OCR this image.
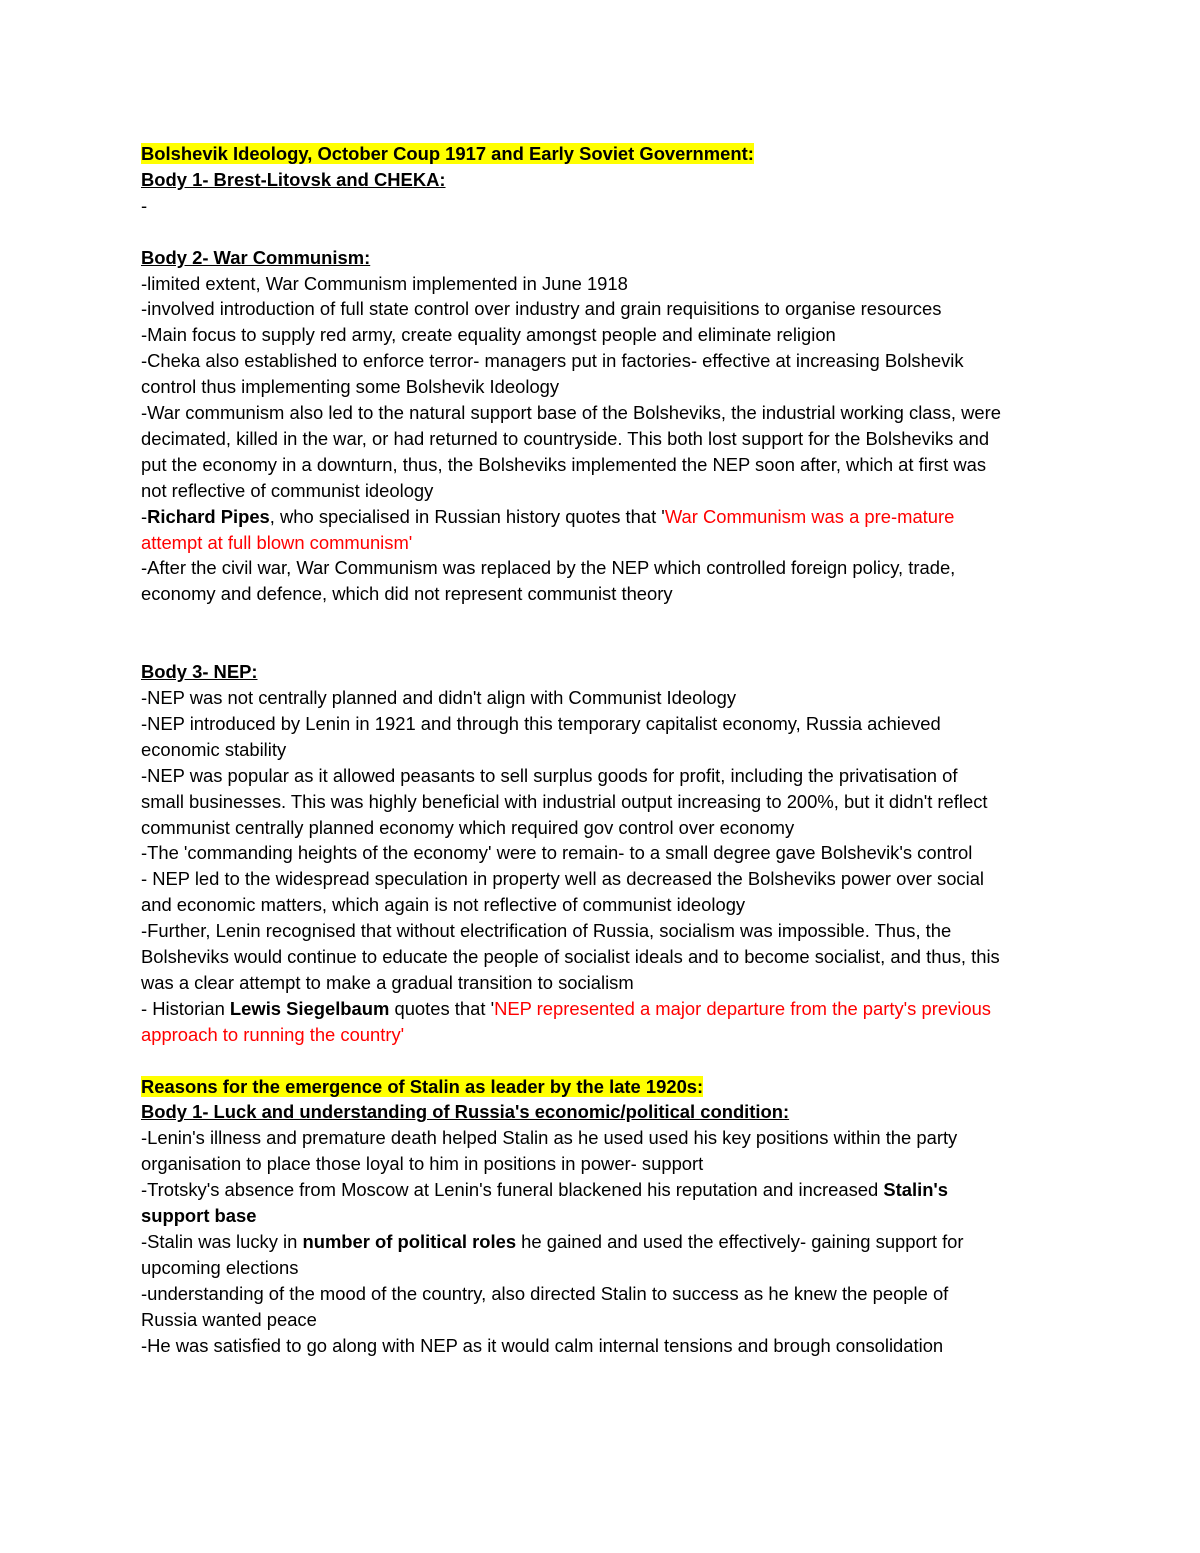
Bolshevik Ideology, October Coup 1917 and Early Soviet Government:
Body 1- Brest-Litovsk and CHEKA:
-
Body 2- War Communism:
-limited extent, War Communism implemented in June 1918
-involved introduction of full state control over industry and grain requisitions to organise resources
-Main focus to supply red army, create equality amongst people and eliminate religion
-Cheka also established to enforce terror- managers put in factories- effective at increasing Bolshevik
control thus implementing some Bolshevik Ideology
-War communism also led to the natural support base of the Bolsheviks, the industrial working class, were
decimated, killed in the war, or had returned to countryside. This both lost support for the Bolsheviks and
put the economy in a downturn, thus, the Bolsheviks implemented the NEP soon after, which at first was
not reflective of communist ideology
-Richard Pipes, who specialised in Russian history quotes that 'War Communism was a pre-mature
attempt at full blown communism'
-After the civil war, War Communism was replaced by the NEP which controlled foreign policy, trade,
economy and defence, which did not represent communist theory
Body 3- NEP:
-NEP was not centrally planned and didn't align with Communist Ideology
-NEP introduced by Lenin in 1921 and through this temporary capitalist economy, Russia achieved
economic stability
-NEP was popular as it allowed peasants to sell surplus goods for profit, including the privatisation of
small businesses. This was highly beneficial with industrial output increasing to 200%, but it didn't reflect
communist centrally planned economy which required gov control over economy
-The 'commanding heights of the economy' were to remain- to a small degree gave Bolshevik's control
- NEP led to the widespread speculation in property well as decreased the Bolsheviks power over social
and economic matters, which again is not reflective of communist ideology
-Further, Lenin recognised that without electrification of Russia, socialism was impossible. Thus, the
Bolsheviks would continue to educate the people of socialist ideals and to become socialist, and thus, this
was a clear attempt to make a gradual transition to socialism
- Historian Lewis Siegelbaum quotes that 'NEP represented a major departure from the party's previous
approach to running the country'
Reasons for the emergence of Stalin as leader by the late 1920s:
Body 1- Luck and understanding of Russia's economic/political condition:
-Lenin's illness and premature death helped Stalin as he used used his key positions within the party
organisation to place those loyal to him in positions in power- support
-Trotsky's absence from Moscow at Lenin's funeral blackened his reputation and increased Stalin's
support base
-Stalin was lucky in number of political roles he gained and used the effectively- gaining support for
upcoming elections
-understanding of the mood of the country, also directed Stalin to success as he knew the people of
Russia wanted peace
-He was satisfied to go along with NEP as it would calm internal tensions and brough consolidation
